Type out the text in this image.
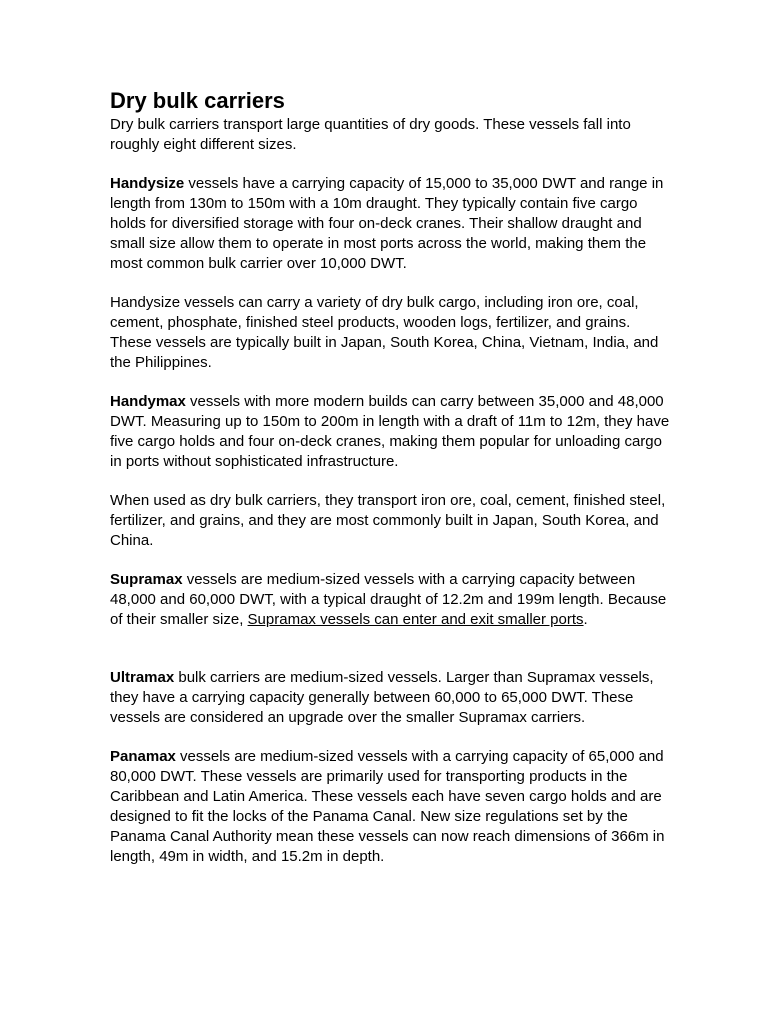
Dry bulk carriers

Dry bulk carriers transport large quantities of dry goods. These vessels fall into roughly eight different sizes.

Handysize vessels have a carrying capacity of 15,000 to 35,000 DWT and range in length from 130m to 150m with a 10m draught. They typically contain five cargo holds for diversified storage with four on-deck cranes. Their shallow draught and small size allow them to operate in most ports across the world, making them the most common bulk carrier over 10,000 DWT.

Handysize vessels can carry a variety of dry bulk cargo, including iron ore, coal, cement, phosphate, finished steel products, wooden logs, fertilizer, and grains. These vessels are typically built in Japan, South Korea, China, Vietnam, India, and the Philippines.

Handymax vessels with more modern builds can carry between 35,000 and 48,000 DWT. Measuring up to 150m to 200m in length with a draft of 11m to 12m, they have five cargo holds and four on-deck cranes, making them popular for unloading cargo in ports without sophisticated infrastructure.

When used as dry bulk carriers, they transport iron ore, coal, cement, finished steel, fertilizer, and grains, and they are most commonly built in Japan, South Korea, and China.

Supramax vessels are medium-sized vessels with a carrying capacity between 48,000 and 60,000 DWT, with a typical draught of 12.2m and 199m length. Because of their smaller size, Supramax vessels can enter and exit smaller ports.

Ultramax bulk carriers are medium-sized vessels. Larger than Supramax vessels, they have a carrying capacity generally between 60,000 to 65,000 DWT. These vessels are considered an upgrade over the smaller Supramax carriers.

Panamax vessels are medium-sized vessels with a carrying capacity of 65,000 and 80,000 DWT. These vessels are primarily used for transporting products in the Caribbean and Latin America. These vessels each have seven cargo holds and are designed to fit the locks of the Panama Canal. New size regulations set by the Panama Canal Authority mean these vessels can now reach dimensions of 366m in length, 49m in width, and 15.2m in depth.
